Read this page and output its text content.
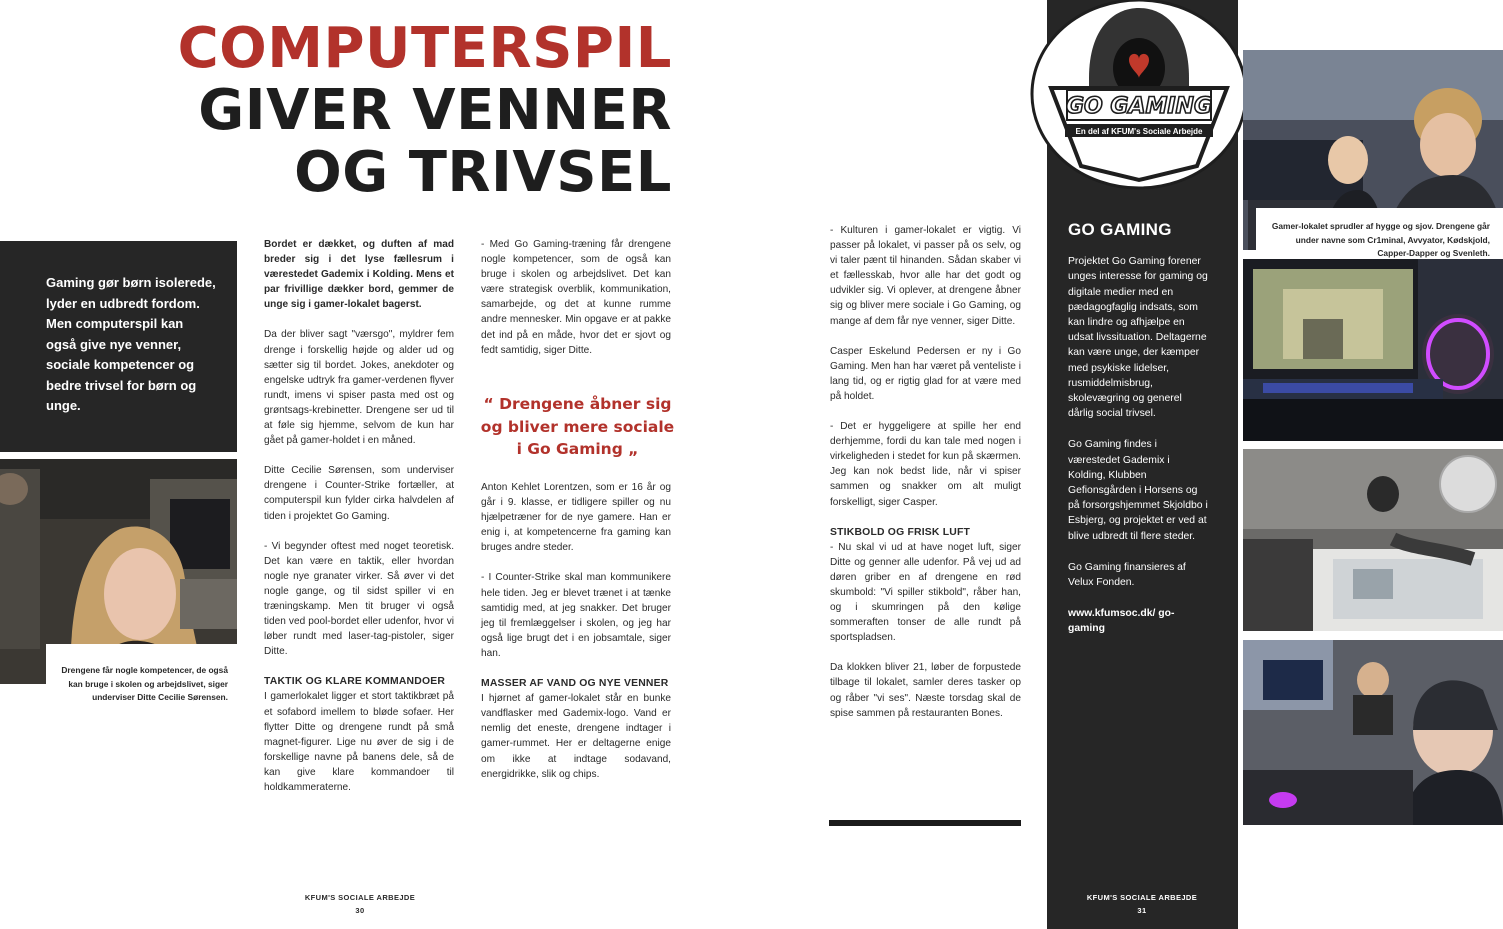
COMPUTERSPIL
GIVER VENNER
OG TRIVSEL
Gaming gør børn isolerede, lyder en udbredt fordom. Men computerspil kan også give nye venner, sociale kompetencer og bedre trivsel for børn og unge.
Drengene får nogle kompetencer, de også kan bruge i skolen og arbejdslivet, siger underviser Ditte Cecilie Sørensen.

Bordet er dækket, og duften af mad breder sig i det lyse fællesrum i værestedet Gademix i Kolding. Mens et par frivillige dækker bord, gemmer de unge sig i gamer-lokalet bagerst.

Da der bliver sagt "værsgo", myldrer fem drenge i forskellig højde og alder ud og sætter sig til bordet. Jokes, anekdoter og engelske udtryk fra gamer-verdenen flyver rundt, imens vi spiser pasta med ost og grøntsags-krebinetter. Drengene ser ud til at føle sig hjemme, selvom de kun har gået på gamer-holdet i en måned.

Ditte Cecilie Sørensen, som underviser drengene i Counter-Strike fortæller, at computerspil kun fylder cirka halvdelen af tiden i projektet Go Gaming.

- Vi begynder oftest med noget teoretisk. Det kan være en taktik, eller hvordan nogle nye granater virker. Så øver vi det nogle gange, og til sidst spiller vi en træningskamp. Men tit bruger vi også tiden ved pool-bordet eller udenfor, hvor vi løber rundt med laser-tag-pistoler, siger Ditte.

TAKTIK OG KLARE KOMMANDOER

I gamerlokalet ligger et stort taktikbræt på et sofabord imellem to bløde sofaer. Her flytter Ditte og drengene rundt på små magnet-figurer. Lige nu øver de sig i de forskellige navne på banens dele, så de kan give klare kommandoer til holdkammeraterne.

- Med Go Gaming-træning får drengene nogle kompetencer, som de også kan bruge i skolen og arbejdslivet. Det kan være strategisk overblik, kommunikation, samarbejde, og det at kunne rumme andre mennesker. Min opgave er at pakke det ind på en måde, hvor det er sjovt og fedt samtidig, siger Ditte.

“ Drengene åbner sig og bliver mere sociale i Go Gaming „

Anton Kehlet Lorentzen, som er 16 år og går i 9. klasse, er tidligere spiller og nu hjælpetræner for de nye gamere. Han er enig i, at kompetencerne fra gaming kan bruges andre steder.

- I Counter-Strike skal man kommunikere hele tiden. Jeg er blevet trænet i at tænke samtidig med, at jeg snakker. Det bruger jeg til fremlæggelser i skolen, og jeg har også lige brugt det i en jobsamtale, siger han.

MASSER AF VAND OG NYE VENNER

I hjørnet af gamer-lokalet står en bunke vandflasker med Gademix-logo. Vand er nemlig det eneste, drengene indtager i gamer-rummet. Her er deltagerne enige om ikke at indtage sodavand, energidrikke, slik og chips.

- Kulturen i gamer-lokalet er vigtig. Vi passer på lokalet, vi passer på os selv, og vi taler pænt til hinanden. Sådan skaber vi et fællesskab, hvor alle har det godt og udvikler sig. Vi oplever, at drengene åbner sig og bliver mere sociale i Go Gaming, og mange af dem får nye venner, siger Ditte.

Casper Eskelund Pedersen er ny i Go Gaming. Men han har været på venteliste i lang tid, og er rigtig glad for at være med på holdet.

- Det er hyggeligere at spille her end derhjemme, fordi du kan tale med nogen i virkeligheden i stedet for kun på skærmen. Jeg kan nok bedst lide, når vi spiser sammen og snakker om alt muligt forskelligt, siger Casper.

STIKBOLD OG FRISK LUFT

- Nu skal vi ud at have noget luft, siger Ditte og genner alle udenfor. På vej ud ad døren griber en af drengene en rød skumbold: "Vi spiller stikbold", råber han, og i skumringen på den kølige sommeraften tonser de alle rundt på sportspladsen.

Da klokken bliver 21, løber de forpustede tilbage til lokalet, samler deres tasker op og råber "vi ses". Næste torsdag skal de spise sammen på restauranten Bones.

GO GAMING
En del af KFUM's Sociale Arbejde
GO GAMING

Projektet Go Gaming forener unges interesse for gaming og digitale medier med en pædagogfaglig indsats, som kan lindre og afhjælpe en udsat livssituation. Deltagerne kan være unge, der kæmper med psykiske lidelser, rusmiddelmisbrug, skolevægring og generel dårlig social trivsel.

Go Gaming findes i værestedet Gademix i Kolding, Klubben Gefionsgården i Horsens og på forsorgshjemmet Skjoldbo i Esbjerg, og projektet er ved at blive udbredt til flere steder.

Go Gaming finansieres af Velux Fonden.

www.kfumsoc.dk/ go-gaming

Gamer-lokalet sprudler af hygge og sjov. Drengene går under navne som Cr1minal, Avvyator, Kødskjold, Capper-Dapper og Svenleth.
KFUM'S SOCIALE ARBEJDE
30
KFUM'S SOCIALE ARBEJDE
31
